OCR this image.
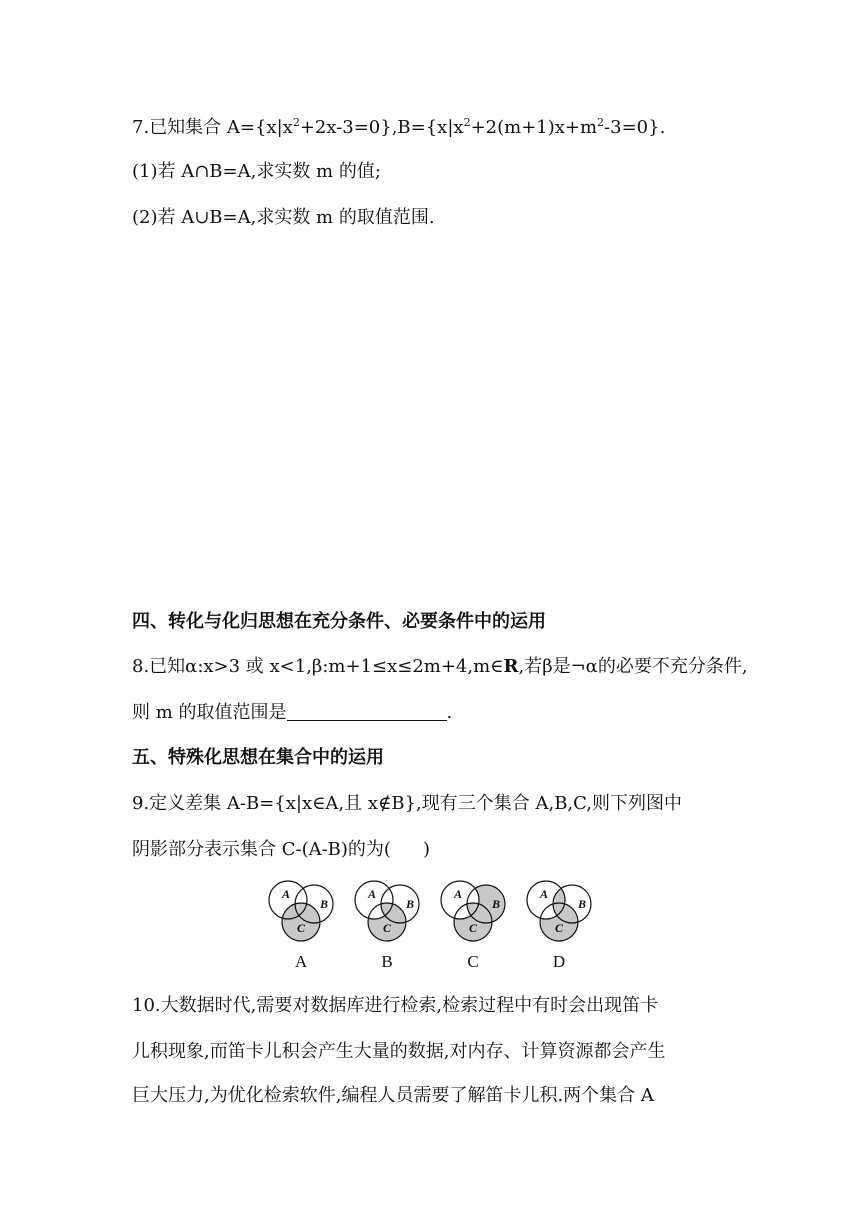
7.已知集合 $A=\{x|x^2+2x-3=0\},B=\{x|x^2+2(m+1)x+m^2-3=0\}$.
(1)若 A∩B=A,求实数 m 的值;
(2)若 A∪B=A,求实数 m 的取值范围.
四、转化与化归思想在充分条件、必要条件中的运用
8.已知α:x>3 或 x<1,β:m+1≤x≤2m+4,m∈R,若β是¬α的必要不充分条件,
则 m 的取值范围是	.
五、特殊化思想在集合中的运用
9.定义差集 A-B={x|x∈A,且 x∉B},现有三个集合 A,B,C,则下列图中
阴影部分表示集合 C-(A-B)的为( )
A
B
C
A
B
C
A
B
C
A
B
C
A	B	C	D
10.大数据时代,需要对数据库进行检索,检索过程中有时会出现笛卡
儿积现象,而笛卡儿积会产生大量的数据,对内存、计算资源都会产生
巨大压力,为优化检索软件,编程人员需要了解笛卡儿积.两个集合 A
